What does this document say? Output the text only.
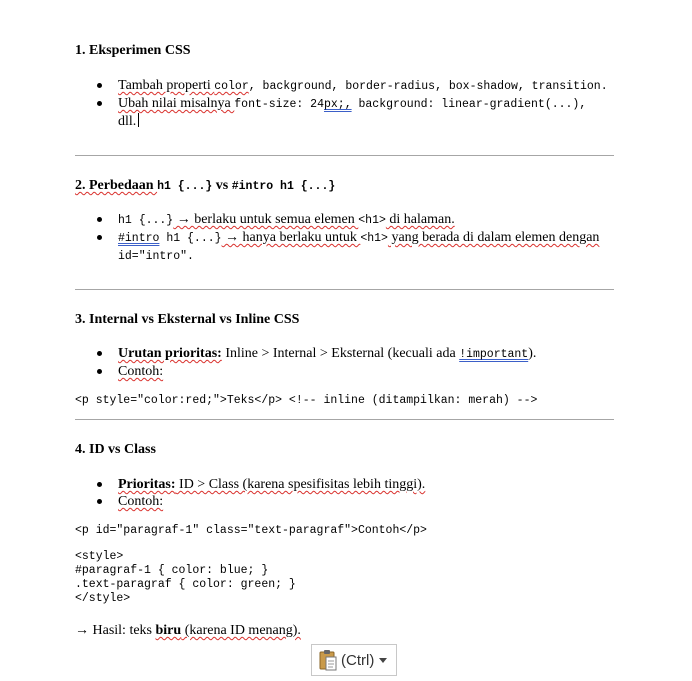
1. Eksperimen CSS
Tambah properti color, background, border-radius, box-shadow, transition.
Ubah nilai misalnya font-size: 24px;, background: linear-gradient(...),
dll.
2. Perbedaan h1 {...} vs #intro h1 {...}
h1 {...} → berlaku untuk semua elemen <h1> di halaman.
#intro h1 {...} → hanya berlaku untuk <h1> yang berada di dalam elemen dengan
id="intro".
3. Internal vs Eksternal vs Inline CSS
Urutan prioritas: Inline > Internal > Eksternal (kecuali ada !important).
Contoh:
<p style="color:red;">Teks</p> <!-- inline (ditampilkan: merah) -->
4. ID vs Class
Prioritas: ID > Class (karena spesifisitas lebih tinggi).
Contoh:
<p id="paragraf-1" class="text-paragraf">Contoh</p>
<style>
#paragraf-1 { color: blue; }
.text-paragraf { color: green; }
</style>
→ Hasil: teks biru (karena ID menang).
(Ctrl)
